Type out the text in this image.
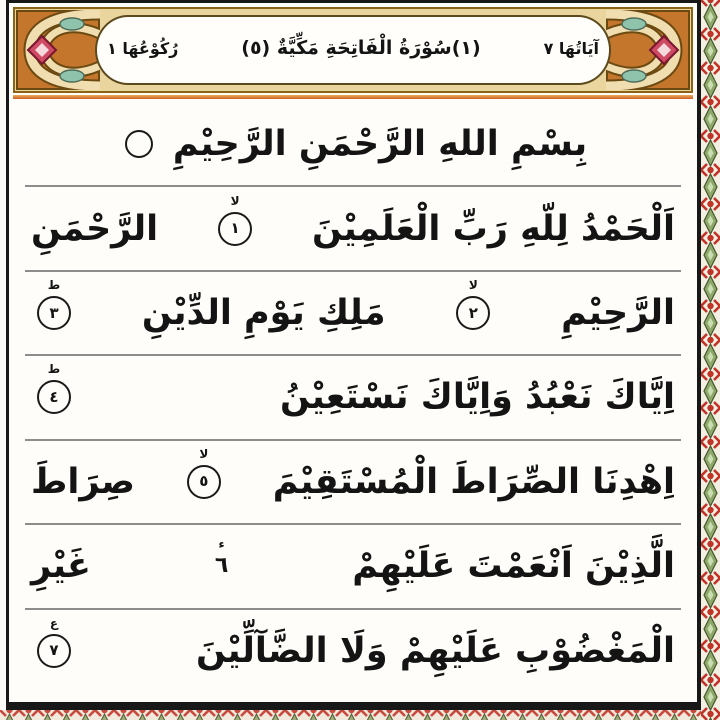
آيَاتُهَا ٧
(١)سُوْرَةُ الْفَاتِحَةِ مَكِّيَّةٌ (٥)
رُكُوْعُهَا ١
بِسْمِ اللهِ الرَّحْمَنِ الرَّحِيْمِ
اَلْحَمْدُ لِلّهِ رَبِّ الْعَلَمِيْنَ
لا
١
الرَّحْمَنِ
الرَّحِيْمِ
لا
٢
مَلِكِ يَوْمِ الدِّيْنِ
ط
٣
اِيَّاكَ نَعْبُدُ وَاِيَّاكَ نَسْتَعِيْنُ
ط
٤
اِهْدِنَا الصِّرَاطَ الْمُسْتَقِيْمَ
لا
٥
صِرَاطَ
الَّذِيْنَ اَنْعَمْتَ عَلَيْهِمْ
ء
٦
غَيْرِ
الْمَغْضُوْبِ عَلَيْهِمْ وَلَا الضَّآلِّيْنَ
ع
٧
